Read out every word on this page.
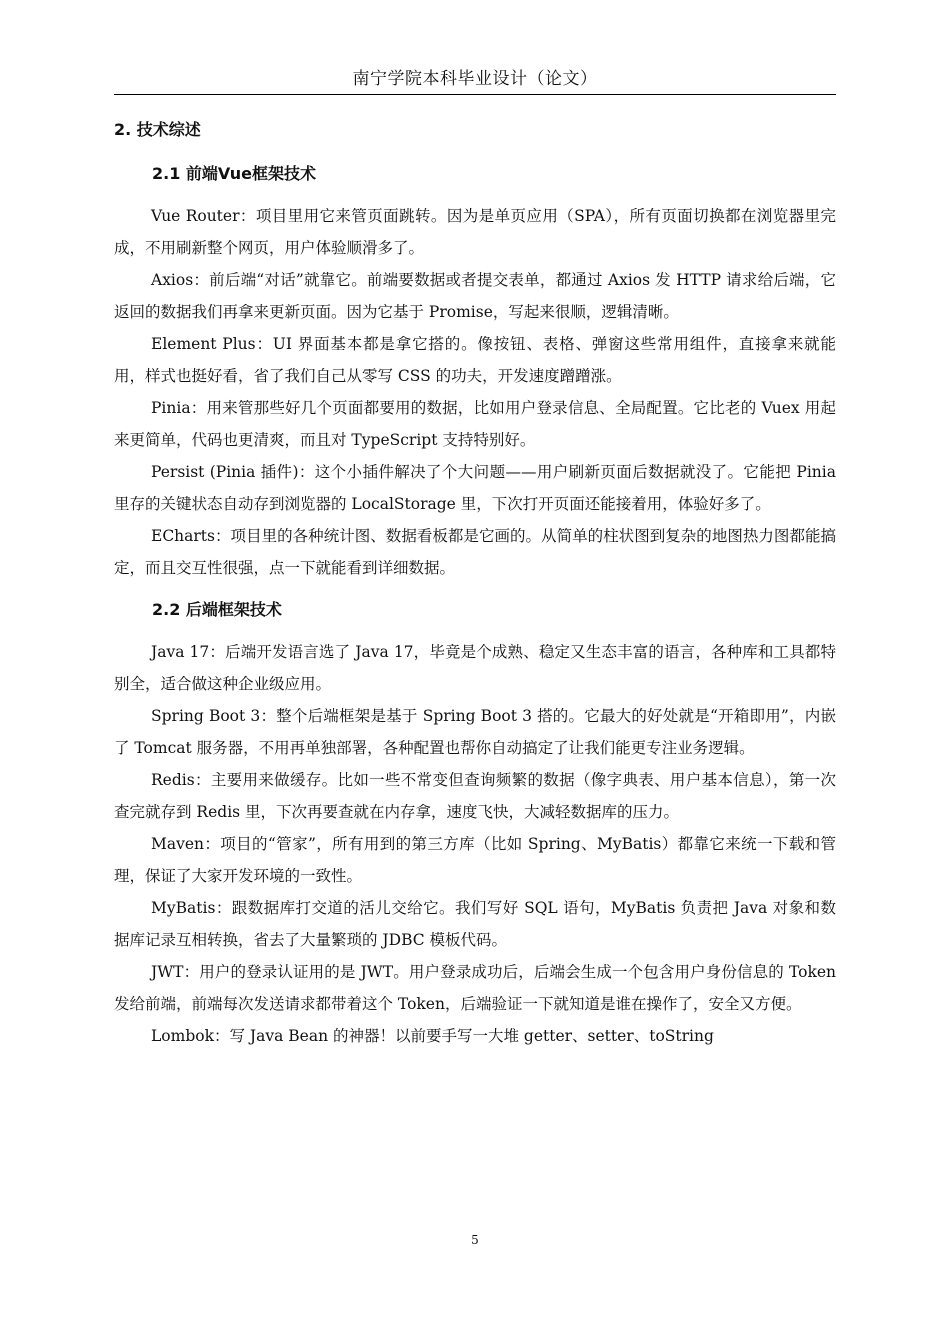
南宁学院本科毕业设计（论文）
2. 技术综述
2.1 前端Vue框架技术

Vue Router：项目里用它来管页面跳转。因为是单页应用（SPA），所有页面切换都在浏览器里完成，不用刷新整个网页，用户体验顺滑多了。

Axios：前后端“对话”就靠它。前端要数据或者提交表单，都通过 Axios 发 HTTP 请求给后端，它返回的数据我们再拿来更新页面。因为它基于 Promise，写起来很顺，逻辑清晰。

Element Plus：UI 界面基本都是拿它搭的。像按钮、表格、弹窗这些常用组件，直接拿来就能用，样式也挺好看，省了我们自己从零写 CSS 的功夫，开发速度蹭蹭涨。

Pinia：用来管那些好几个页面都要用的数据，比如用户登录信息、全局配置。它比老的 Vuex 用起来更简单，代码也更清爽，而且对 TypeScript 支持特别好。

Persist (Pinia 插件)：这个小插件解决了个大问题——用户刷新页面后数据就没了。它能把 Pinia 里存的关键状态自动存到浏览器的 LocalStorage 里，下次打开页面还能接着用，体验好多了。

ECharts：项目里的各种统计图、数据看板都是它画的。从简单的柱状图到复杂的地图热力图都能搞定，而且交互性很强，点一下就能看到详细数据。

2.2 后端框架技术

Java 17：后端开发语言选了 Java 17，毕竟是个成熟、稳定又生态丰富的语言，各种库和工具都特别全，适合做这种企业级应用。

Spring Boot 3：整个后端框架是基于 Spring Boot 3 搭的。它最大的好处就是“开箱即用”，内嵌了 Tomcat 服务器，不用再单独部署，各种配置也帮你自动搞定了让我们能更专注业务逻辑。

Redis：主要用来做缓存。比如一些不常变但查询频繁的数据（像字典表、用户基本信息），第一次查完就存到 Redis 里，下次再要查就在内存拿，速度飞快，大减轻数据库的压力。

Maven：项目的“管家”，所有用到的第三方库（比如 Spring、MyBatis）都靠它来统一下载和管理，保证了大家开发环境的一致性。

MyBatis：跟数据库打交道的活儿交给它。我们写好 SQL 语句，MyBatis 负责把 Java 对象和数据库记录互相转换，省去了大量繁琐的 JDBC 模板代码。

JWT：用户的登录认证用的是 JWT。用户登录成功后，后端会生成一个包含用户身份信息的 Token 发给前端，前端每次发送请求都带着这个 Token，后端验证一下就知道是谁在操作了，安全又方便。

Lombok：写 Java Bean 的神器！以前要手写一大堆 getter、setter、toString

5
